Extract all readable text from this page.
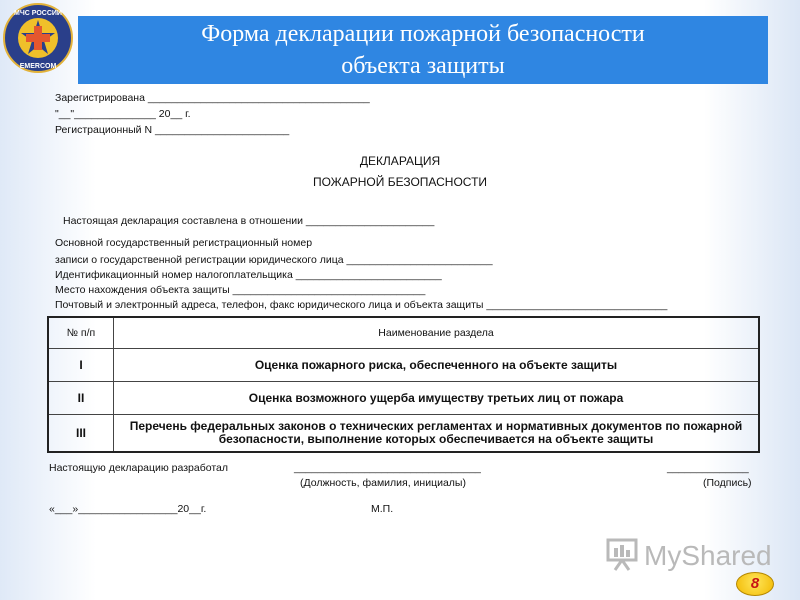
МЧС РОССИИ
EMERCOM
Форма декларации пожарной безопасности
объекта защиты
Зарегистрирована ______________________________________
"__"______________ 20__ г.
Регистрационный N _______________________
ДЕКЛАРАЦИЯ
ПОЖАРНОЙ БЕЗОПАСНОСТИ
Настоящая декларация составлена в отношении ______________________
Основной государственный регистрационный номер
записи о государственной регистрации юридического лица _________________________
Идентификационный номер налогоплательщика _________________________
Место нахождения объекта защиты _________________________________
Почтовый и электронный адреса, телефон, факс юридического лица и объекта защиты _______________________________
№ п/п	Наименование раздела
I	Оценка пожарного риска, обеспеченного на объекте защиты
II	Оценка возможного ущерба имуществу третьих лиц от пожара
III	Перечень федеральных законов о технических регламентах и нормативных документов по пожарной безопасности, выполнение которых обеспечивается на объекте защиты
Настоящую декларацию разработал	________________________________
(Должность, фамилия, инициалы)
______________
(Подпись)
«___»_________________20__г.	М.П.
MyShared
8
